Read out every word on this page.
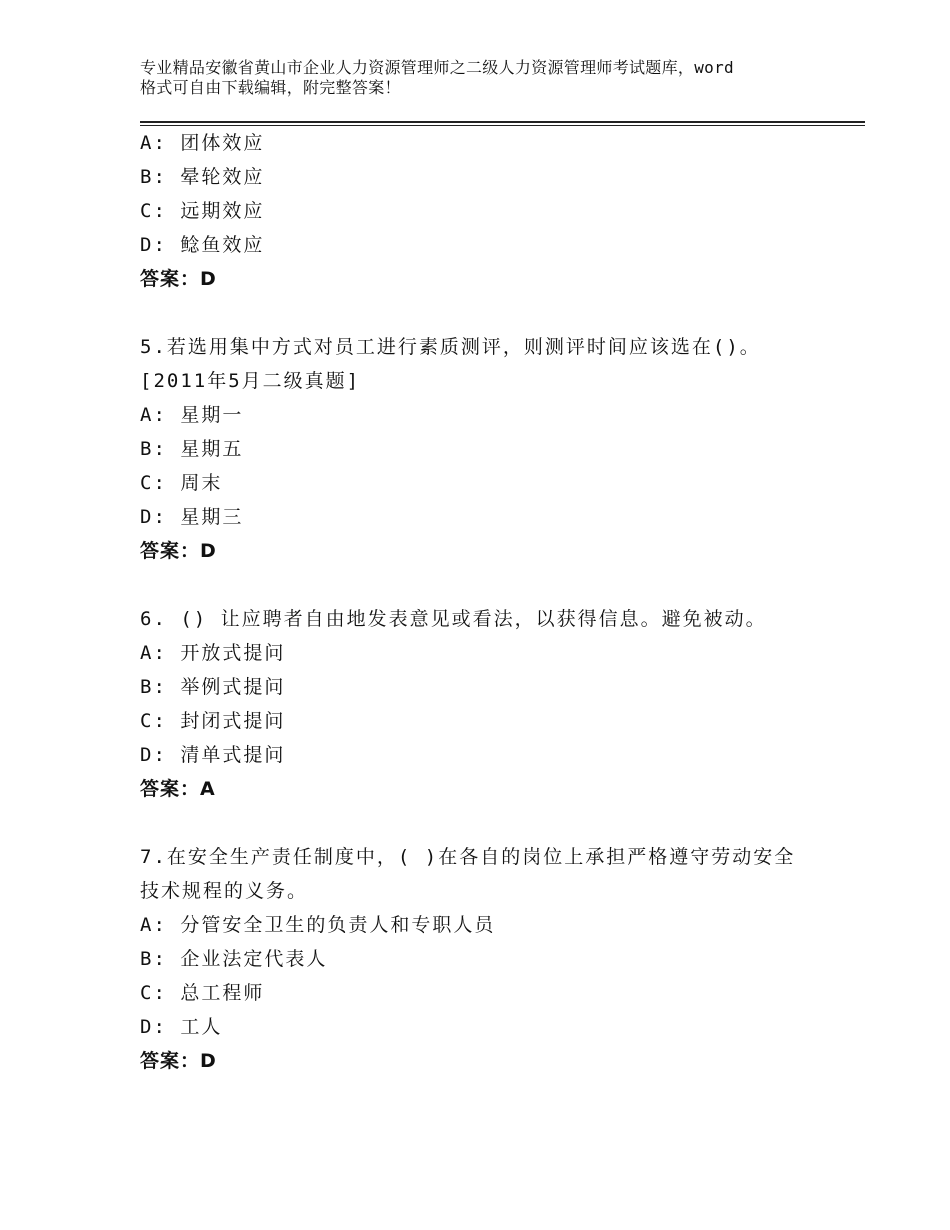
专业精品安徽省黄山市企业人力资源管理师之二级人力资源管理师考试题库，word
格式可自由下载编辑，附完整答案！
A: 团体效应
B: 晕轮效应
C: 远期效应
D: 鲶鱼效应
答案：D
5.若选用集中方式对员工进行素质测评，则测评时间应该选在()。
[2011年5月二级真题]
A: 星期一
B: 星期五
C: 周末
D: 星期三
答案：D
6. () 让应聘者自由地发表意见或看法，以获得信息。避免被动。
A: 开放式提问
B: 举例式提问
C: 封闭式提问
D: 清单式提问
答案：A
7.在安全生产责任制度中，( )在各自的岗位上承担严格遵守劳动安全
技术规程的义务。
A: 分管安全卫生的负责人和专职人员
B: 企业法定代表人
C: 总工程师
D: 工人
答案：D
